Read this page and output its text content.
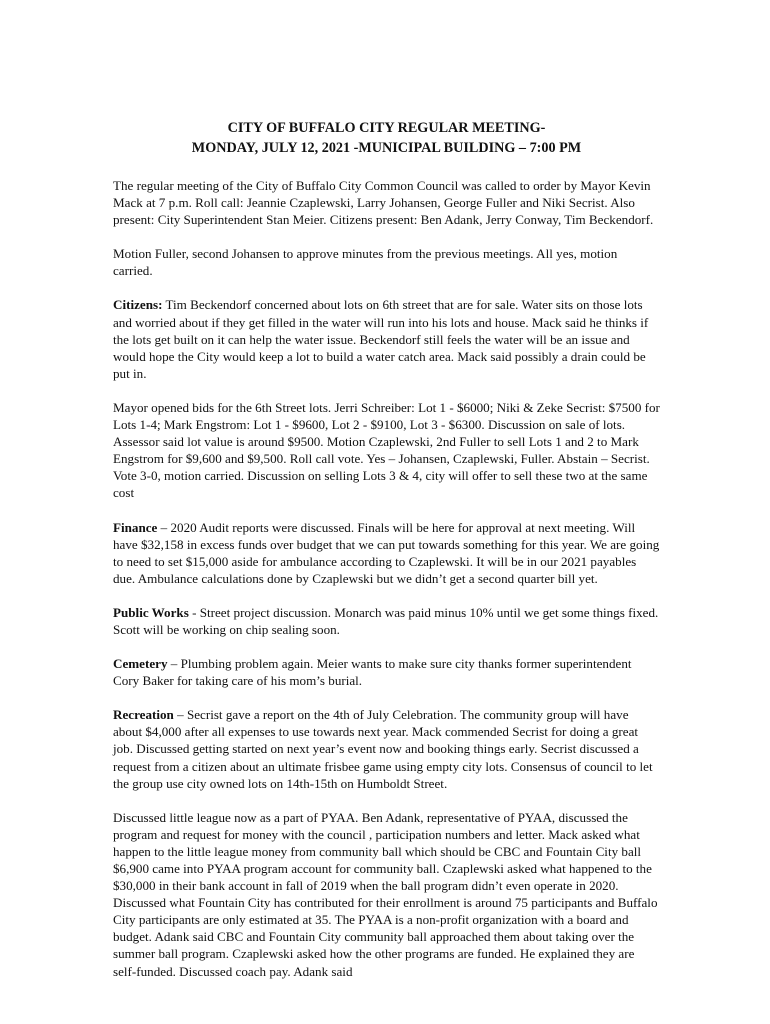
CITY OF BUFFALO CITY REGULAR MEETING-
MONDAY, JULY 12, 2021 -MUNICIPAL BUILDING – 7:00 PM

The regular meeting of the City of Buffalo City Common Council was called to order by Mayor Kevin Mack at 7 p.m. Roll call: Jeannie Czaplewski, Larry Johansen, George Fuller and Niki Secrist. Also present: City Superintendent Stan Meier. Citizens present: Ben Adank, Jerry Conway, Tim Beckendorf.

Motion Fuller, second Johansen to approve minutes from the previous meetings. All yes, motion carried.

Citizens: Tim Beckendorf concerned about lots on 6th street that are for sale. Water sits on those lots and worried about if they get filled in the water will run into his lots and house. Mack said he thinks if the lots get built on it can help the water issue. Beckendorf still feels the water will be an issue and would hope the City would keep a lot to build a water catch area. Mack said possibly a drain could be put in.

Mayor opened bids for the 6th Street lots. Jerri Schreiber: Lot 1 - $6000; Niki & Zeke Secrist: $7500 for Lots 1-4; Mark Engstrom: Lot 1 - $9600, Lot 2 - $9100, Lot 3 - $6300. Discussion on sale of lots. Assessor said lot value is around $9500. Motion Czaplewski, 2nd Fuller to sell Lots 1 and 2 to Mark Engstrom for $9,600 and $9,500. Roll call vote. Yes – Johansen, Czaplewski, Fuller. Abstain – Secrist. Vote 3-0, motion carried. Discussion on selling Lots 3 & 4, city will offer to sell these two at the same cost

Finance – 2020 Audit reports were discussed. Finals will be here for approval at next meeting. Will have $32,158 in excess funds over budget that we can put towards something for this year. We are going to need to set $15,000 aside for ambulance according to Czaplewski. It will be in our 2021 payables due. Ambulance calculations done by Czaplewski but we didn’t get a second quarter bill yet.

Public Works - Street project discussion. Monarch was paid minus 10% until we get some things fixed. Scott will be working on chip sealing soon.

Cemetery – Plumbing problem again. Meier wants to make sure city thanks former superintendent Cory Baker for taking care of his mom’s burial.

Recreation – Secrist gave a report on the 4th of July Celebration. The community group will have about $4,000 after all expenses to use towards next year. Mack commended Secrist for doing a great job. Discussed getting started on next year’s event now and booking things early. Secrist discussed a request from a citizen about an ultimate frisbee game using empty city lots. Consensus of council to let the group use city owned lots on 14th-15th on Humboldt Street.

Discussed little league now as a part of PYAA. Ben Adank, representative of PYAA, discussed the program and request for money with the council , participation numbers and letter. Mack asked what happen to the little league money from community ball which should be CBC and Fountain City ball $6,900 came into PYAA program account for community ball. Czaplewski asked what happened to the $30,000 in their bank account in fall of 2019 when the ball program didn’t even operate in 2020. Discussed what Fountain City has contributed for their enrollment is around 75 participants and Buffalo City participants are only estimated at 35. The PYAA is a non-profit organization with a board and budget. Adank said CBC and Fountain City community ball approached them about taking over the summer ball program. Czaplewski asked how the other programs are funded. He explained they are self-funded. Discussed coach pay. Adank said
